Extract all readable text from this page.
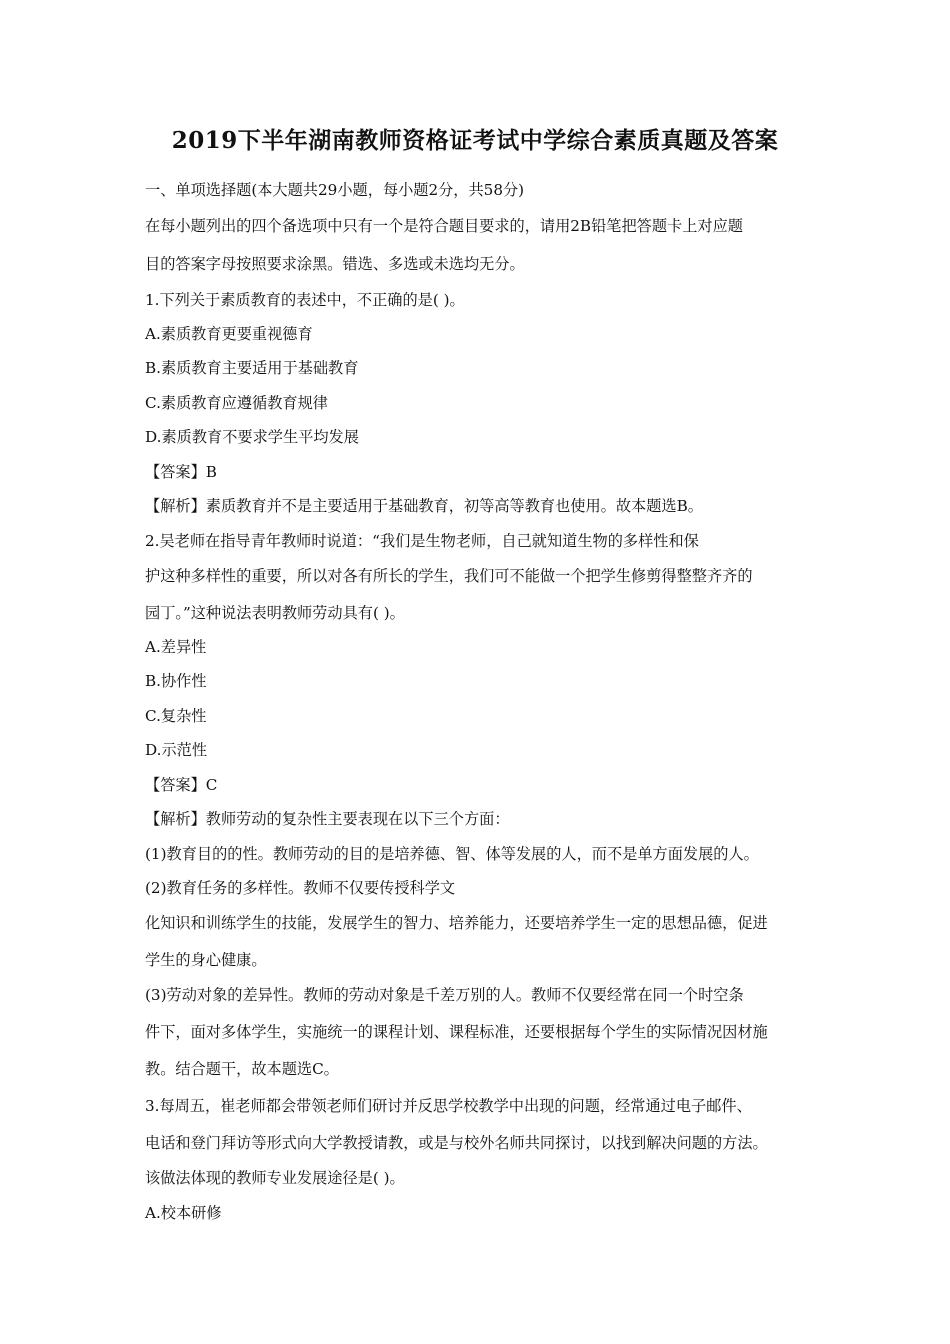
2019下半年湖南教师资格证考试中学综合素质真题及答案
一、单项选择题(本大题共29小题，每小题2分，共58分)
在每小题列出的四个备选项中只有一个是符合题目要求的，请用2B铅笔把答题卡上对应题
目的答案字母按照要求涂黑。错选、多选或未选均无分。
1.下列关于素质教育的表述中，不正确的是( )。
A.素质教育更要重视德育
B.素质教育主要适用于基础教育
C.素质教育应遵循教育规律
D.素质教育不要求学生平均发展
【答案】B
【解析】素质教育并不是主要适用于基础教育，初等高等教育也使用。故本题选B。
2.吴老师在指导青年教师时说道：“我们是生物老师，自己就知道生物的多样性和保
护这种多样性的重要，所以对各有所长的学生，我们可不能做一个把学生修剪得整整齐齐的
园丁。”这种说法表明教师劳动具有( )。
A.差异性
B.协作性
C.复杂性
D.示范性
【答案】C
【解析】教师劳动的复杂性主要表现在以下三个方面：
(1)教育目的的性。教师劳动的目的是培养德、智、体等发展的人，而不是单方面发展的人。
(2)教育任务的多样性。教师不仅要传授科学文
化知识和训练学生的技能，发展学生的智力、培养能力，还要培养学生一定的思想品德，促进
学生的身心健康。
(3)劳动对象的差异性。教师的劳动对象是千差万别的人。教师不仅要经常在同一个时空条
件下，面对多体学生，实施统一的课程计划、课程标准，还要根据每个学生的实际情况因材施
教。结合题干，故本题选C。
3.每周五，崔老师都会带领老师们研讨并反思学校教学中出现的问题，经常通过电子邮件、
电话和登门拜访等形式向大学教授请教，或是与校外名师共同探讨，以找到解决问题的方法。
该做法体现的教师专业发展途径是( )。
A.校本研修
